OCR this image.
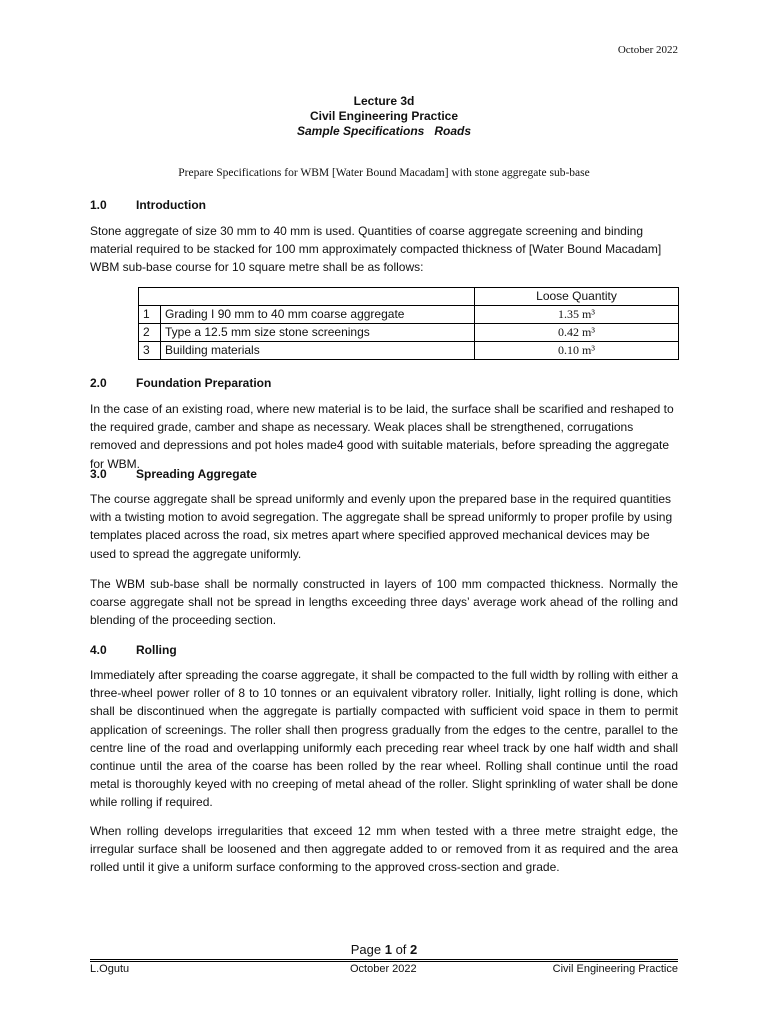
October 2022
Lecture 3d
Civil Engineering Practice
Sample Specifications   Roads
Prepare Specifications for WBM [Water Bound Macadam] with stone aggregate sub-base
1.0 Introduction
Stone aggregate of size 30 mm to 40 mm is used. Quantities of coarse aggregate screening and binding material required to be stacked for 100 mm approximately compacted thickness of [Water Bound Macadam] WBM sub-base course for 10 square metre shall be as follows:
		Loose Quantity
1	Grading I 90 mm to 40 mm coarse aggregate	1.35 m³
2	Type a 12.5 mm size stone screenings	0.42 m³
3	Building materials	0.10 m³
2.0 Foundation Preparation
In the case of an existing road, where new material is to be laid, the surface shall be scarified and reshaped to the required grade, camber and shape as necessary. Weak places shall be strengthened, corrugations removed and depressions and pot holes made4 good with suitable materials, before spreading the aggregate for WBM.
3.0 Spreading Aggregate
The course aggregate shall be spread uniformly and evenly upon the prepared base in the required quantities with a twisting motion to avoid segregation. The aggregate shall be spread uniformly to proper profile by using templates placed across the road, six metres apart where specified approved mechanical devices may be used to spread the aggregate uniformly.
The WBM sub-base shall be normally constructed in layers of 100 mm compacted thickness. Normally the coarse aggregate shall not be spread in lengths exceeding three days’ average work ahead of the rolling and blending of the proceeding section.
4.0 Rolling
Immediately after spreading the coarse aggregate, it shall be compacted to the full width by rolling with either a three-wheel power roller of 8 to 10 tonnes or an equivalent vibratory roller. Initially, light rolling is done, which shall be discontinued when the aggregate is partially compacted with sufficient void space in them to permit application of screenings. The roller shall then progress gradually from the edges to the centre, parallel to the centre line of the road and overlapping uniformly each preceding rear wheel track by one half width and shall continue until the area of the coarse has been rolled by the rear wheel. Rolling shall continue until the road metal is thoroughly keyed with no creeping of metal ahead of the roller. Slight sprinkling of water shall be done while rolling if required.
When rolling develops irregularities that exceed 12 mm when tested with a three metre straight edge, the irregular surface shall be loosened and then aggregate added to or removed from it as required and the area rolled until it give a uniform surface conforming to the approved cross-section and grade.
Page 1 of 2
L.Ogutu	October 2022	Civil Engineering Practice
